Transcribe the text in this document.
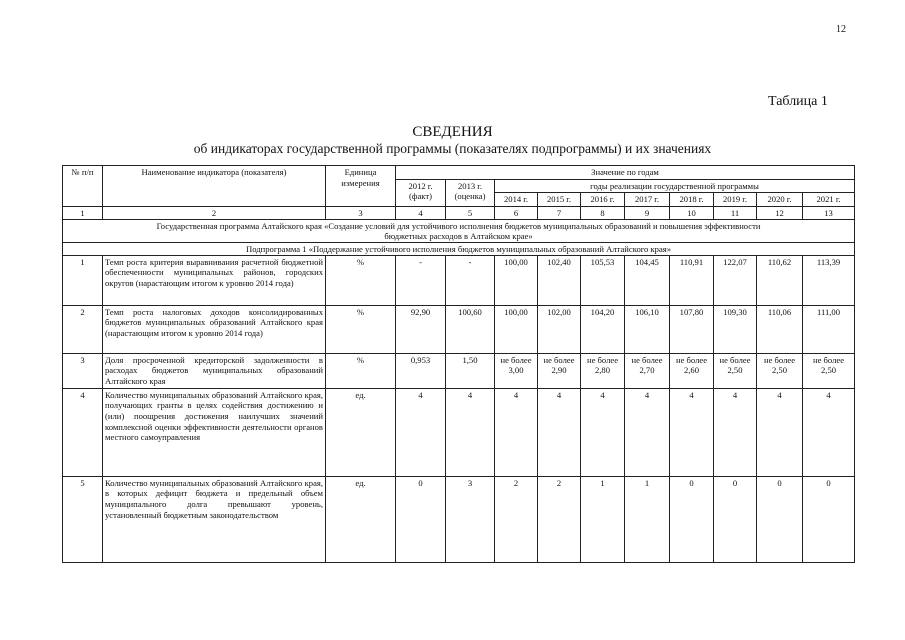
12
Таблица 1
СВЕДЕНИЯ
об индикаторах государственной программы (показателях подпрограммы) и их значениях
№ п/п	Наименование индикатора (показателя)	Единица измерения	Значение по годам									
			2012 г. (факт)	2013 г. (оценка)	годы реализации государственной программы							
					2014 г.	2015 г.	2016 г.	2017 г.	2018 г.	2019 г.	2020 г.	2021 г.
1	2	3	4	5	6	7	8	9	10	11	12	13
Государственная программа Алтайского края «Создание условий для устойчивого исполнения бюджетов муниципальных образований и повышения эффективности бюджетных расходов в Алтайском крае»												
Подпрограмма 1 «Поддержание устойчивого исполнения бюджетов муниципальных образований Алтайского края»												
1	Темп роста критерия выравнивания расчетной бюджетной обеспеченности муниципальных районов, городских округов (нарастающим итогом к уровню 2014 года)	%	-	-	100,00	102,40	105,53	104,45	110,91	122,07	110,62	113,39
2	Темп роста налоговых доходов консолидированных бюджетов муниципальных образований Алтайского края (нарастающим итогом к уровню 2014 года)	%	92,90	100,60	100,00	102,00	104,20	106,10	107,80	109,30	110,06	111,00
3	Доля просроченной кредиторской задолженности в расходах бюджетов муниципальных образований Алтайского края	%	0,953	1,50	не более 3,00	не более 2,90	не более 2,80	не более 2,70	не более 2,60	не более 2,50	не более 2,50	не более 2,50
4	Количество муниципальных образований Алтайского края, получающих гранты в целях содействия достижению и (или) поощрения достижения наилучших значений комплексной оценки эффективности деятельности органов местного самоуправления	ед.	4	4	4	4	4	4	4	4	4	4
5	Количество муниципальных образований Алтайского края, в которых дефицит бюджета и предельный объем муниципального долга превышают уровень, установленный бюджетным законодательством	ед.	0	3	2	2	1	1	0	0	0	0
